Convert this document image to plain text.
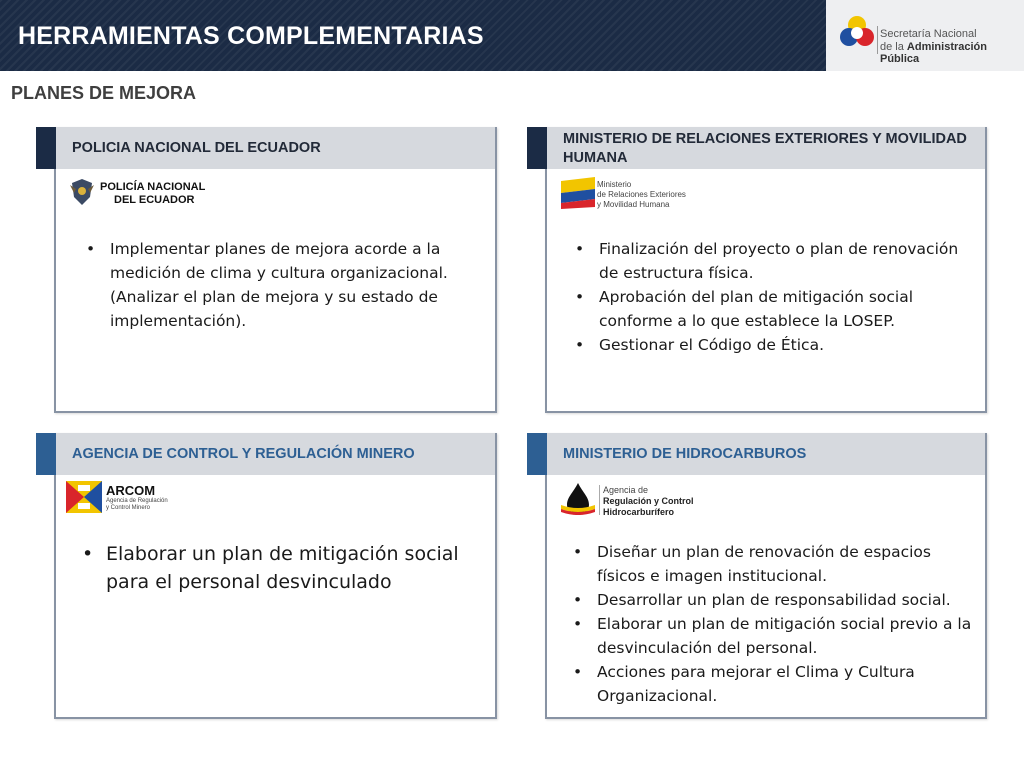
HERRAMIENTAS COMPLEMENTARIAS	Secretaría Nacional
de la Administración Pública
PLANES DE MEJORA
POLICIA NACIONAL DEL ECUADOR
POLICÍA NACIONAL
DEL ECUADOR
• Implementar planes de mejora acorde a la medición de clima y cultura organizacional. (Analizar el plan de mejora y su estado de implementación).
MINISTERIO DE RELACIONES EXTERIORES Y MOVILIDAD HUMANA
Ministerio
de Relaciones Exteriores
y Movilidad Humana
• Finalización del proyecto o plan de renovación de estructura física.
• Aprobación del plan de mitigación social conforme a lo que establece la LOSEP.
• Gestionar el Código de Ética.
AGENCIA DE CONTROL Y REGULACIÓN MINERO
ARCOM
Agencia de Regulación
y Control Minero
• Elaborar un plan de mitigación social para el personal desvinculado
MINISTERIO DE HIDROCARBUROS
Agencia de
Regulación y Control
Hidrocarburífero
• Diseñar un plan de renovación de espacios físicos e imagen institucional.
• Desarrollar un plan de responsabilidad social.
• Elaborar un plan de mitigación social previo a la desvinculación del personal.
• Acciones para mejorar el Clima y Cultura Organizacional.
